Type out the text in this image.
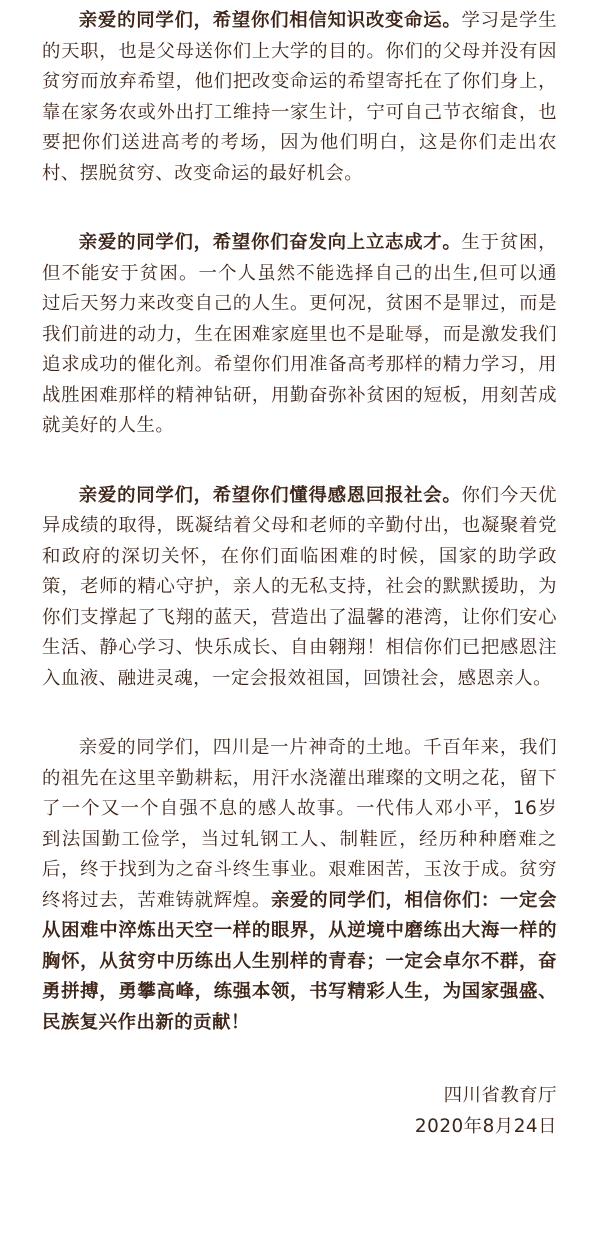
亲爱的同学们，希望你们相信知识改变命运。学习是学生的天职，也是父母送你们上大学的目的。你们的父母并没有因贫穷而放弃希望，他们把改变命运的希望寄托在了你们身上，靠在家务农或外出打工维持一家生计，宁可自己节衣缩食，也要把你们送进高考的考场，因为他们明白，这是你们走出农村、摆脱贫穷、改变命运的最好机会。

亲爱的同学们，希望你们奋发向上立志成才。生于贫困，但不能安于贫困。一个人虽然不能选择自己的出生,但可以通过后天努力来改变自己的人生。更何况，贫困不是罪过，而是我们前进的动力，生在困难家庭里也不是耻辱，而是激发我们追求成功的催化剂。希望你们用准备高考那样的精力学习，用战胜困难那样的精神钻研，用勤奋弥补贫困的短板，用刻苦成就美好的人生。

亲爱的同学们，希望你们懂得感恩回报社会。你们今天优异成绩的取得，既凝结着父母和老师的辛勤付出，也凝聚着党和政府的深切关怀，在你们面临困难的时候，国家的助学政策，老师的精心守护，亲人的无私支持，社会的默默援助，为你们支撑起了飞翔的蓝天，营造出了温馨的港湾，让你们安心生活、静心学习、快乐成长、自由翱翔！相信你们已把感恩注入血液、融进灵魂，一定会报效祖国，回馈社会，感恩亲人。

亲爱的同学们，四川是一片神奇的土地。千百年来，我们的祖先在这里辛勤耕耘，用汗水浇灌出璀璨的文明之花，留下了一个又一个自强不息的感人故事。一代伟人邓小平，16岁到法国勤工俭学，当过轧钢工人、制鞋匠，经历种种磨难之后，终于找到为之奋斗终生事业。艰难困苦，玉汝于成。贫穷终将过去，苦难铸就辉煌。亲爱的同学们，相信你们：一定会从困难中淬炼出天空一样的眼界，从逆境中磨练出大海一样的胸怀，从贫穷中历练出人生别样的青春；一定会卓尔不群，奋勇拼搏，勇攀高峰，练强本领，书写精彩人生，为国家强盛、民族复兴作出新的贡献！

四川省教育厅
2020年8月24日
